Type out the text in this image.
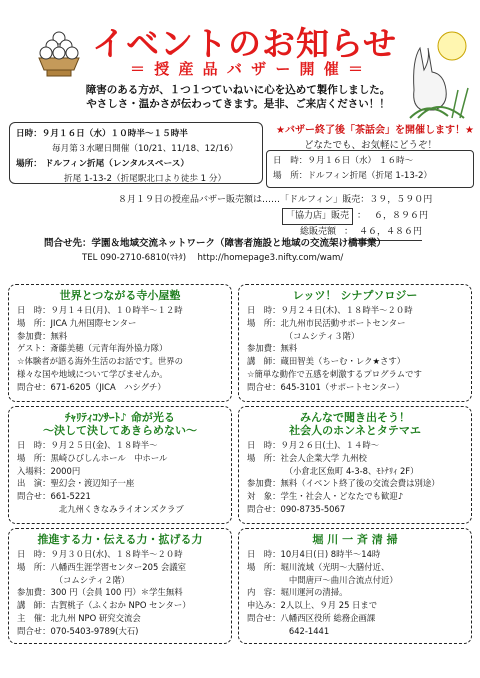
イベントのお知らせ
＝ 授 産 品 バ ザ ー 開 催 ＝
障害のある方が、１つ１つていねいに心を込めて製作しました。
やさしさ・温かさが伝わってきます。是非、ご来店ください！！
日時：９月１６日（水）１０時半～１５時半
毎月第３水曜日開催（10/21、11/18、12/16）
場所： ドルフィン折尾（レンタルスペース）
折尾 1-13-2（折尾駅北口より徒歩 1 分）
★バザー終了後「茶話会」を開催します！★
どなたでも、お気軽にどうぞ！
日　時：９月１６日（水） １６時～
場　所：ドルフィン折尾（折尾 1-13-2）
８月１９日の授産品バザー販売額は‥‥‥「ドルフィン」販売：３９，５９０円
「協力店」販売 ： ６，８９６円
総販売額 ： ４６，４８６円
問合せ先：学園＆地域交流ネットワーク（障害者施設と地域の交流架け橋事業）
TEL 090-2710-6810(ﾏｷﾀ)　 http://homepage3.nifty.com/wam/
世界とつながる寺小屋塾
日　時：９月１４日(月)、１０時半～１２時
場　所：JICA 九州国際センター
参加費：無料
ゲスト：斎藤美穂（元青年海外協力隊）
☆体験者が語る海外生活のお話です。世界の
様々な国や地域について学びませんか。
問合せ：671-6205（JICA　ハシグチ）
レッツ！ シナプソロジー
日　時：９月２４日(木)、１８時半～２０時
場　所：北九州市民活動サポートセンター
　　　　　（コムシティ３階）
参加費：無料
講　師：蔵田智美（ちーむ・レク★さす）
☆簡単な動作で五感を刺激するプログラムです
問合せ：645-3101（サポートセンター）
ﾁｬﾘﾃｨｺﾝｻｰﾄ♪ 命が光る
～決して決してあきらめない～
日　時：９月２５日(金)、１８時半～
場　所：黒崎ひびしんホール　中ホール
入場料：2000円
出　演：聖幻会・渡辺知子一座
問合せ：661-5221
　　　　　北九州くきなみライオンズクラブ
みんなで聞き出そう！
社会人のホンネとタテマエ
日　時：９月２６日(土)、１４時～
場　所：社会人企業大学 九州校
　　　　　（小倉北区魚町 4-3-8、ﾓﾄﾅﾘｨ 2F）
参加費：無料（イベント終了後の交流会費は別途）
対　象：学生・社会人・どなたでも歓迎♪
問合せ：090-8735-5067
推進する力・伝える力・拡げる力
日　時：９月３０日(水)、１８時半～２０時
場　所：八幡西生涯学習センター205 会議室
　　　　　（コムシティ２階）
参加費：300 円（会員 100 円）＊学生無料
講　師：古賀桃子（ふくおか NPO センター）
主　催：北九州 NPO 研究交流会
問合せ：070-5403-9789(大石)
堀 川 一 斉 清 掃
日　時：10月4日(日) 8時半～14時
場　所：堀川流域（光明～大膳付近、
　　　　　中間唐戸～曲川合流点付近）
内　容：堀川運河の清掃。
申込み：2人以上、９月 25 日まで
問合せ：八幡西区役所 総務企画課
　　　　　642-1441
